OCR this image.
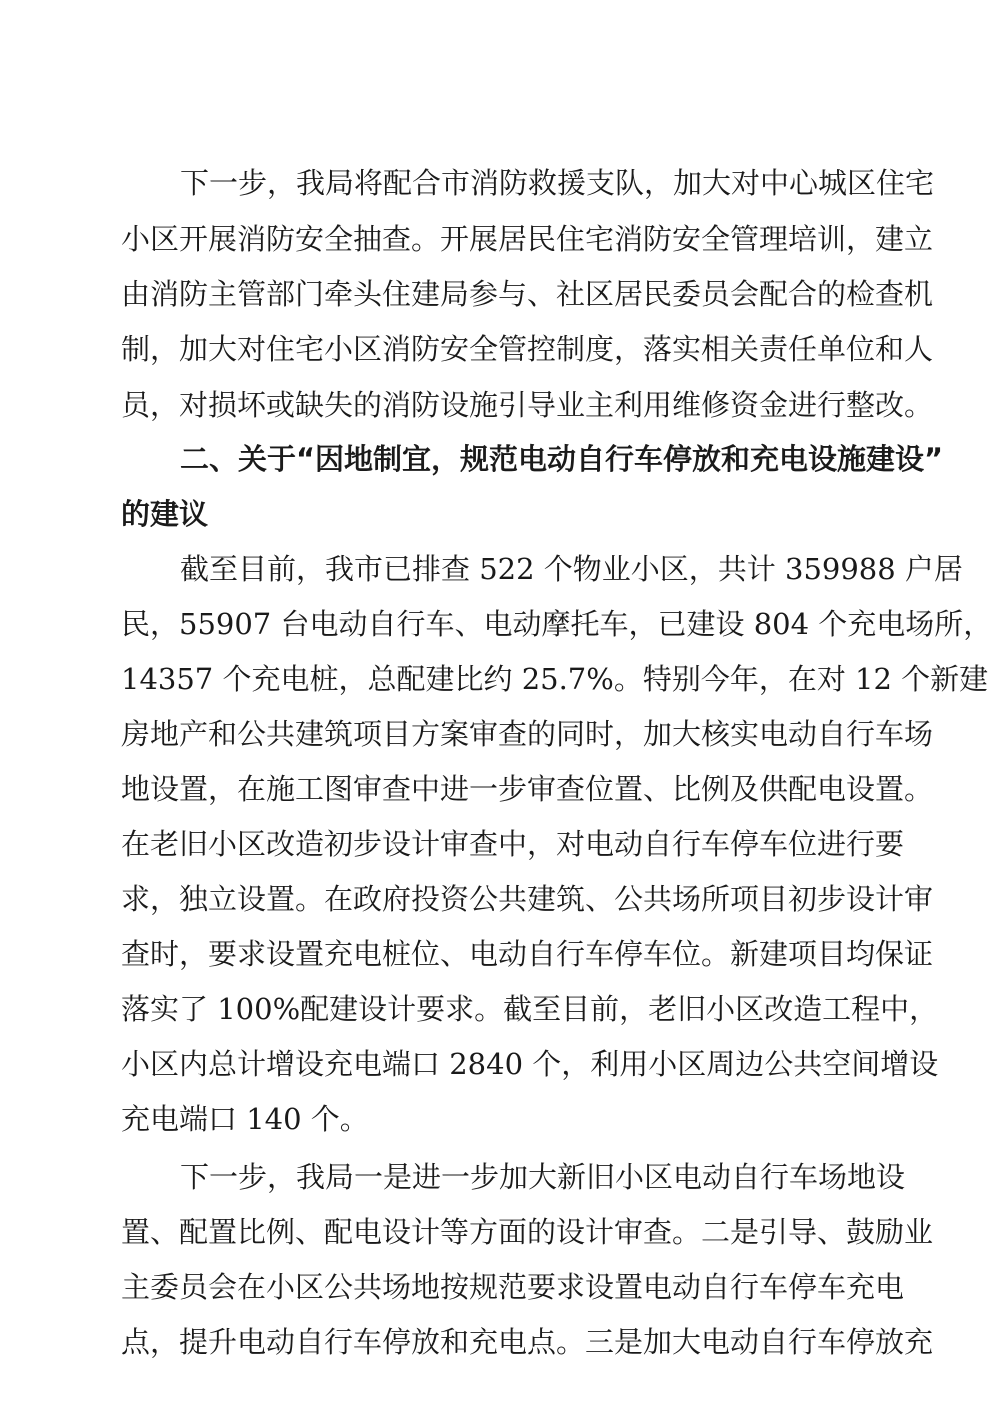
下一步，我局将配合市消防救援支队，加大对中心城区住宅

小区开展消防安全抽查。开展居民住宅消防安全管理培训，建立

由消防主管部门牵头住建局参与、社区居民委员会配合的检查机

制，加大对住宅小区消防安全管控制度，落实相关责任单位和人

员，对损坏或缺失的消防设施引导业主利用维修资金进行整改。

二、关于“因地制宜，规范电动自行车停放和充电设施建设”

的建议

截至目前，我市已排查 522 个物业小区，共计 359988 户居

民，55907 台电动自行车、电动摩托车，已建设 804 个充电场所，

14357 个充电桩，总配建比约 25.7%。特别今年，在对 12 个新建

房地产和公共建筑项目方案审查的同时，加大核实电动自行车场

地设置，在施工图审查中进一步审查位置、比例及供配电设置。

在老旧小区改造初步设计审查中，对电动自行车停车位进行要

求，独立设置。在政府投资公共建筑、公共场所项目初步设计审

查时，要求设置充电桩位、电动自行车停车位。新建项目均保证

落实了 100%配建设计要求。截至目前，老旧小区改造工程中，

小区内总计增设充电端口 2840 个，利用小区周边公共空间增设

充电端口 140 个。

下一步，我局一是进一步加大新旧小区电动自行车场地设

置、配置比例、配电设计等方面的设计审查。二是引导、鼓励业

主委员会在小区公共场地按规范要求设置电动自行车停车充电

点，提升电动自行车停放和充电点。三是加大电动自行车停放充
